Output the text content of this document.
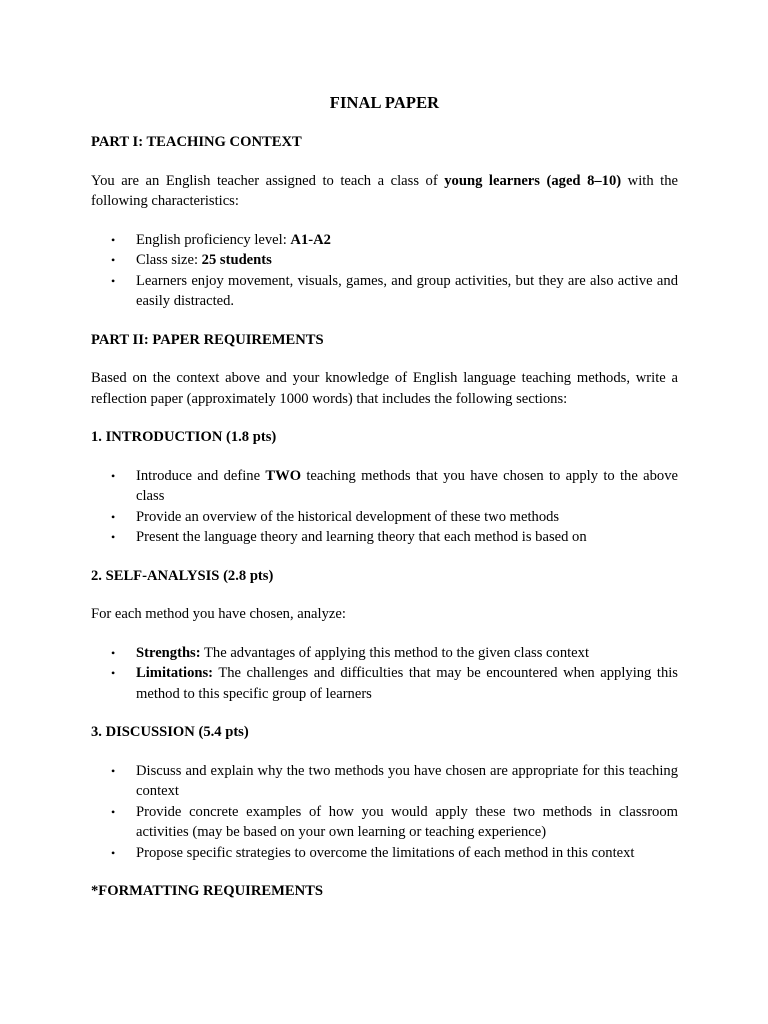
FINAL PAPER
PART I: TEACHING CONTEXT
You are an English teacher assigned to teach a class of young learners (aged 8–10) with the following characteristics:
• English proficiency level: A1-A2
• Class size: 25 students
• Learners enjoy movement, visuals, games, and group activities, but they are also active and easily distracted.
PART II: PAPER REQUIREMENTS
Based on the context above and your knowledge of English language teaching methods, write a reflection paper (approximately 1000 words) that includes the following sections:
1. INTRODUCTION (1.8 pts)
• Introduce and define TWO teaching methods that you have chosen to apply to the above class
• Provide an overview of the historical development of these two methods
• Present the language theory and learning theory that each method is based on
2. SELF-ANALYSIS (2.8 pts)
For each method you have chosen, analyze:
• Strengths: The advantages of applying this method to the given class context
• Limitations: The challenges and difficulties that may be encountered when applying this method to this specific group of learners
3. DISCUSSION (5.4 pts)
• Discuss and explain why the two methods you have chosen are appropriate for this teaching context
• Provide concrete examples of how you would apply these two methods in classroom activities (may be based on your own learning or teaching experience)
• Propose specific strategies to overcome the limitations of each method in this context
*FORMATTING REQUIREMENTS
